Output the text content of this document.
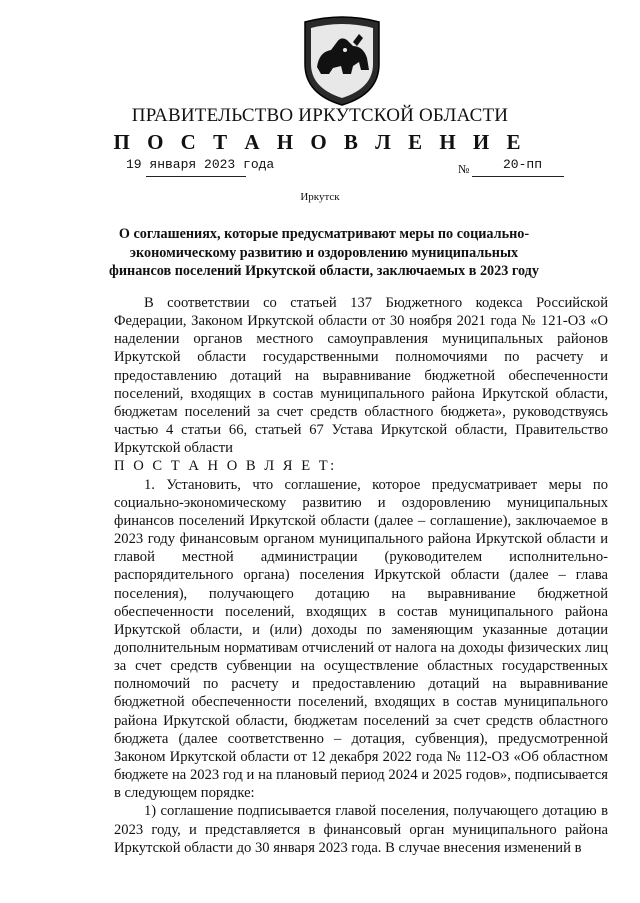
ПРАВИТЕЛЬСТВО ИРКУТСКОЙ ОБЛАСТИ
П О С Т А Н О В Л Е Н И Е
19 января 2023 года	№	20-пп
Иркутск
О соглашениях, которые предусматривают меры по социально-экономическому развитию и оздоровлению муниципальных финансов поселений Иркутской области, заключаемых в 2023 году

В соответствии со статьей 137 Бюджетного кодекса Российской Федерации, Законом Иркутской области от 30 ноября 2021 года № 121-ОЗ «О наделении органов местного самоуправления муниципальных районов Иркутской области государственными полномочиями по расчету и предоставлению дотаций на выравнивание бюджетной обеспеченности поселений, входящих в состав муниципального района Иркутской области, бюджетам поселений за счет средств областного бюджета», руководствуясь частью 4 статьи 66, статьей 67 Устава Иркутской области, Правительство Иркутской области

П О С Т А Н О В Л Я Е Т:

1. Установить, что соглашение, которое предусматривает меры по социально-экономическому развитию и оздоровлению муниципальных финансов поселений Иркутской области (далее – соглашение), заключаемое в 2023 году финансовым органом муниципального района Иркутской области и главой местной администрации (руководителем исполнительно-распорядительного органа) поселения Иркутской области (далее – глава поселения), получающего дотацию на выравнивание бюджетной обеспеченности поселений, входящих в состав муниципального района Иркутской области, и (или) доходы по заменяющим указанные дотации дополнительным нормативам отчислений от налога на доходы физических лиц за счет средств субвенции на осуществление областных государственных полномочий по расчету и предоставлению дотаций на выравнивание бюджетной обеспеченности поселений, входящих в состав муниципального района Иркутской области, бюджетам поселений за счет средств областного бюджета (далее соответственно – дотация, субвенция), предусмотренной Законом Иркутской области от 12 декабря 2022 года № 112-ОЗ «Об областном бюджете на 2023 год и на плановый период 2024 и 2025 годов», подписывается в следующем порядке:

1) соглашение подписывается главой поселения, получающего дотацию в 2023 году, и представляется в финансовый орган муниципального района Иркутской области до 30 января 2023 года. В случае внесения изменений в
